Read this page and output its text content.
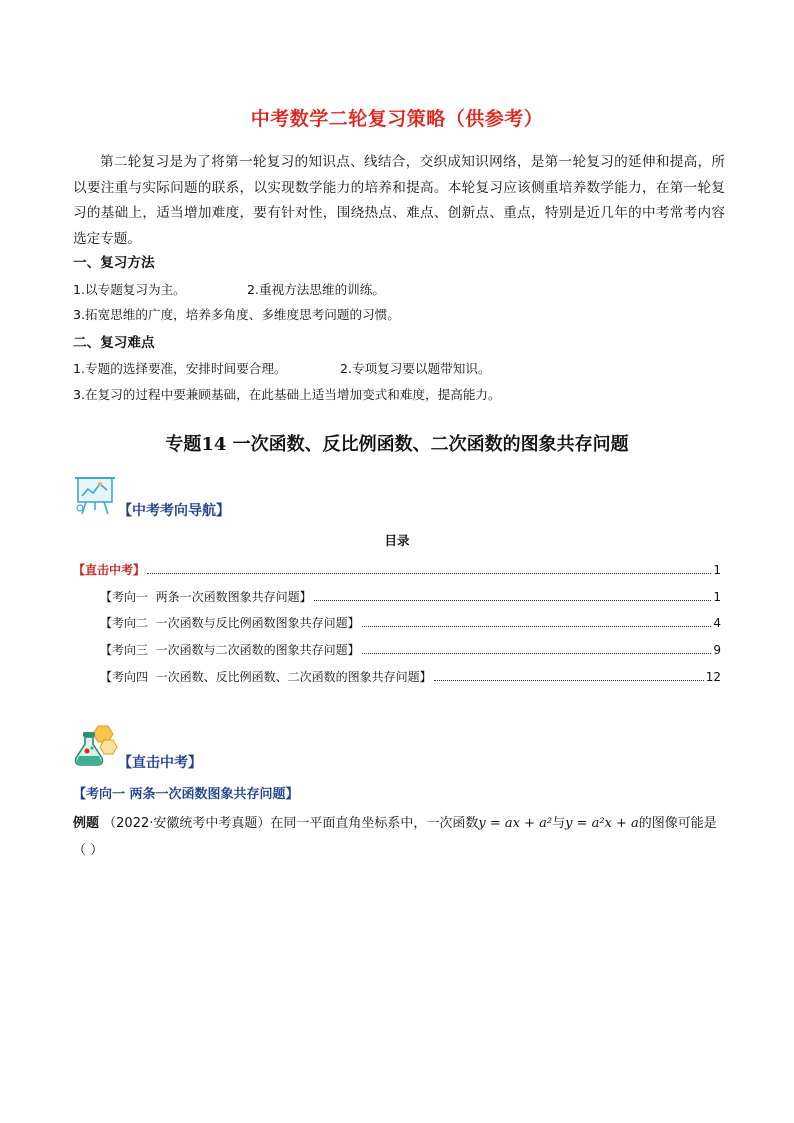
中考数学二轮复习策略（供参考）

第二轮复习是为了将第一轮复习的知识点、线结合，交织成知识网络，是第一轮复习的延伸和提高，所以要注重与实际问题的联系，以实现数学能力的培养和提高。本轮复习应该侧重培养数学能力，在第一轮复习的基础上，适当增加难度，要有针对性，围绕热点、难点、创新点、重点，特别是近几年的中考常考内容选定专题。

一、复习方法
1.以专题复习为主。	2.重视方法思维的训练。
3.拓宽思维的广度，培养多角度、多维度思考问题的习惯。
二、复习难点
1.专题的选择要准，安排时间要合理。	2.专项复习要以题带知识。
3.在复习的过程中要兼顾基础，在此基础上适当增加变式和难度，提高能力。
专题14 一次函数、反比例函数、二次函数的图象共存问题
【中考考向导航】
目录
【直击中考】	1
【考向一  两条一次函数图象共存问题】	1
【考向二  一次函数与反比例函数图象共存问题】	4
【考向三  一次函数与二次函数的图象共存问题】	9
【考向四  一次函数、反比例函数、二次函数的图象共存问题】	12
【直击中考】
【考向一 两条一次函数图象共存问题】
例题 （2022·安徽统考中考真题）在同一平面直角坐标系中，一次函数y = ax + a²与y = a²x + a的图像可能是（ ）
